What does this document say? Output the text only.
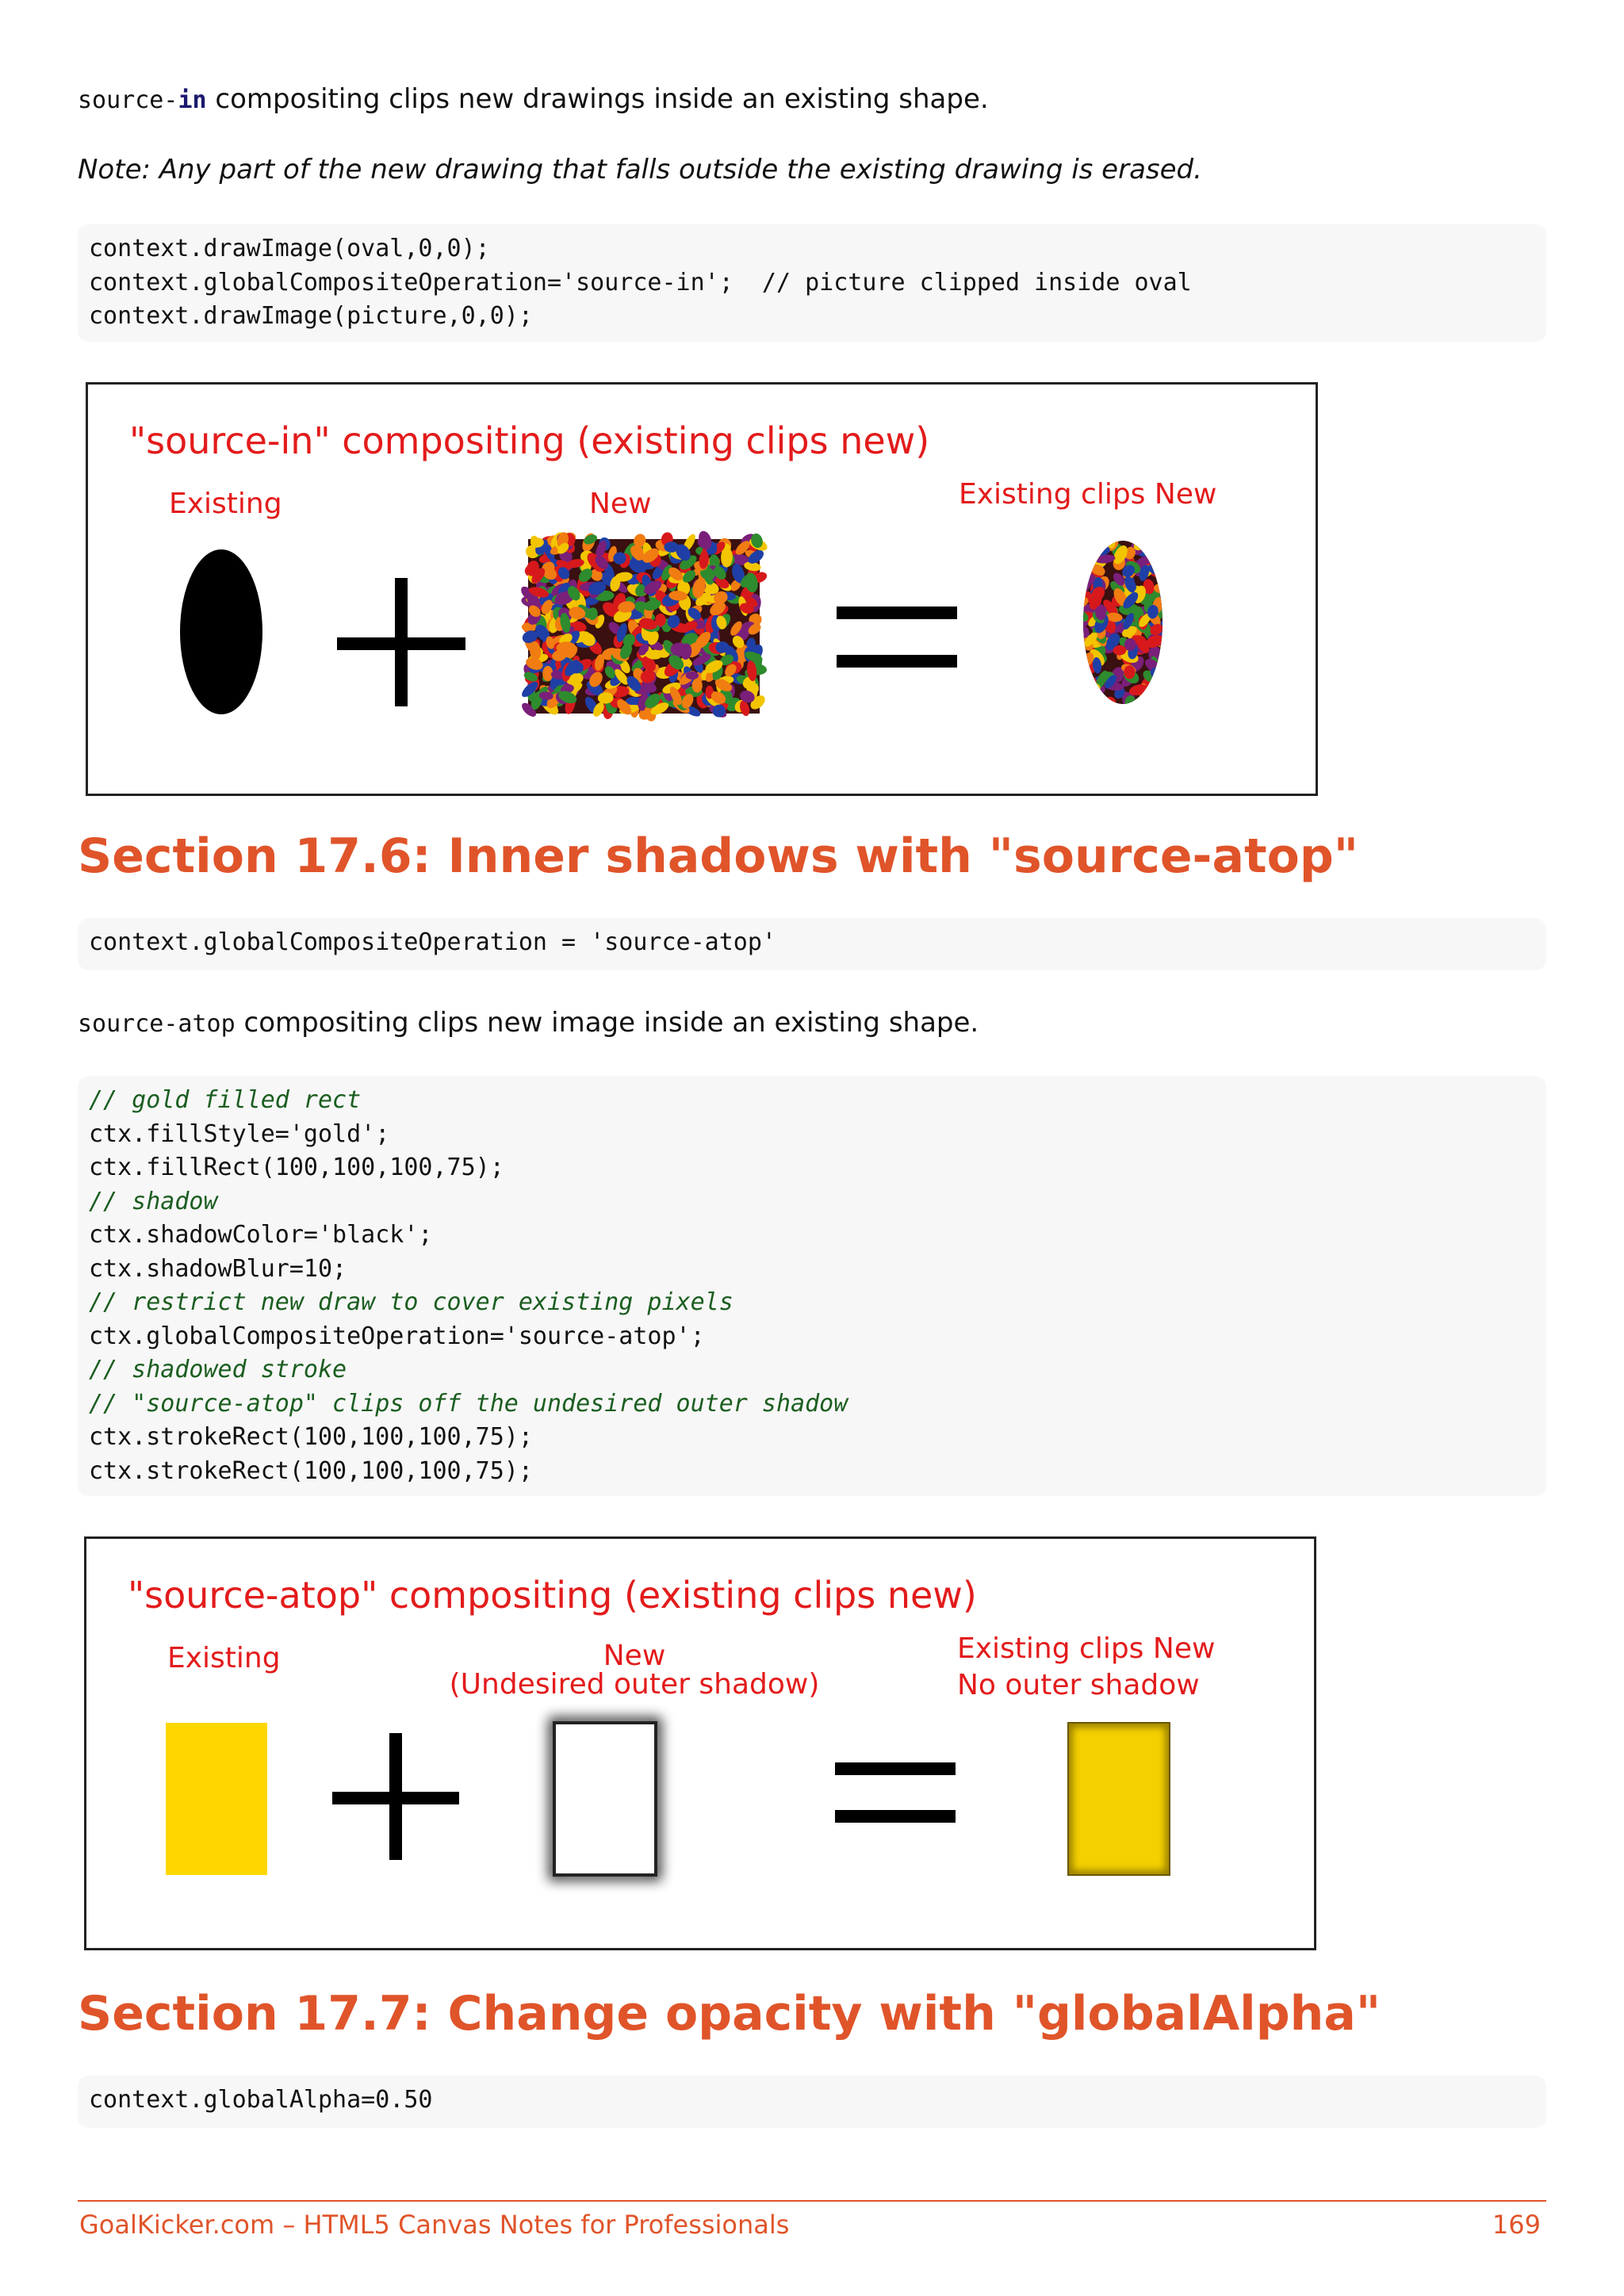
source-in compositing clips new drawings inside an existing shape.
Note: Any part of the new drawing that falls outside the existing drawing is erased.
context.drawImage(oval,0,0);
context.globalCompositeOperation='source-in';  // picture clipped inside oval
context.drawImage(picture,0,0);
"source-in" compositing (existing clips new)
Existing	New	Existing clips New
Section 17.6: Inner shadows with "source-atop"
context.globalCompositeOperation = 'source-atop'
source-atop compositing clips new image inside an existing shape.
// gold filled rect
ctx.fillStyle='gold';
ctx.fillRect(100,100,100,75);
// shadow
ctx.shadowColor='black';
ctx.shadowBlur=10;
// restrict new draw to cover existing pixels
ctx.globalCompositeOperation='source-atop';
// shadowed stroke
// "source-atop" clips off the undesired outer shadow
ctx.strokeRect(100,100,100,75);
ctx.strokeRect(100,100,100,75);
"source-atop" compositing (existing clips new)
Existing	New
(Undesired outer shadow)
Existing clips New
No outer shadow
Section 17.7: Change opacity with "globalAlpha"
context.globalAlpha=0.50
GoalKicker.com – HTML5 Canvas Notes for Professionals	169
